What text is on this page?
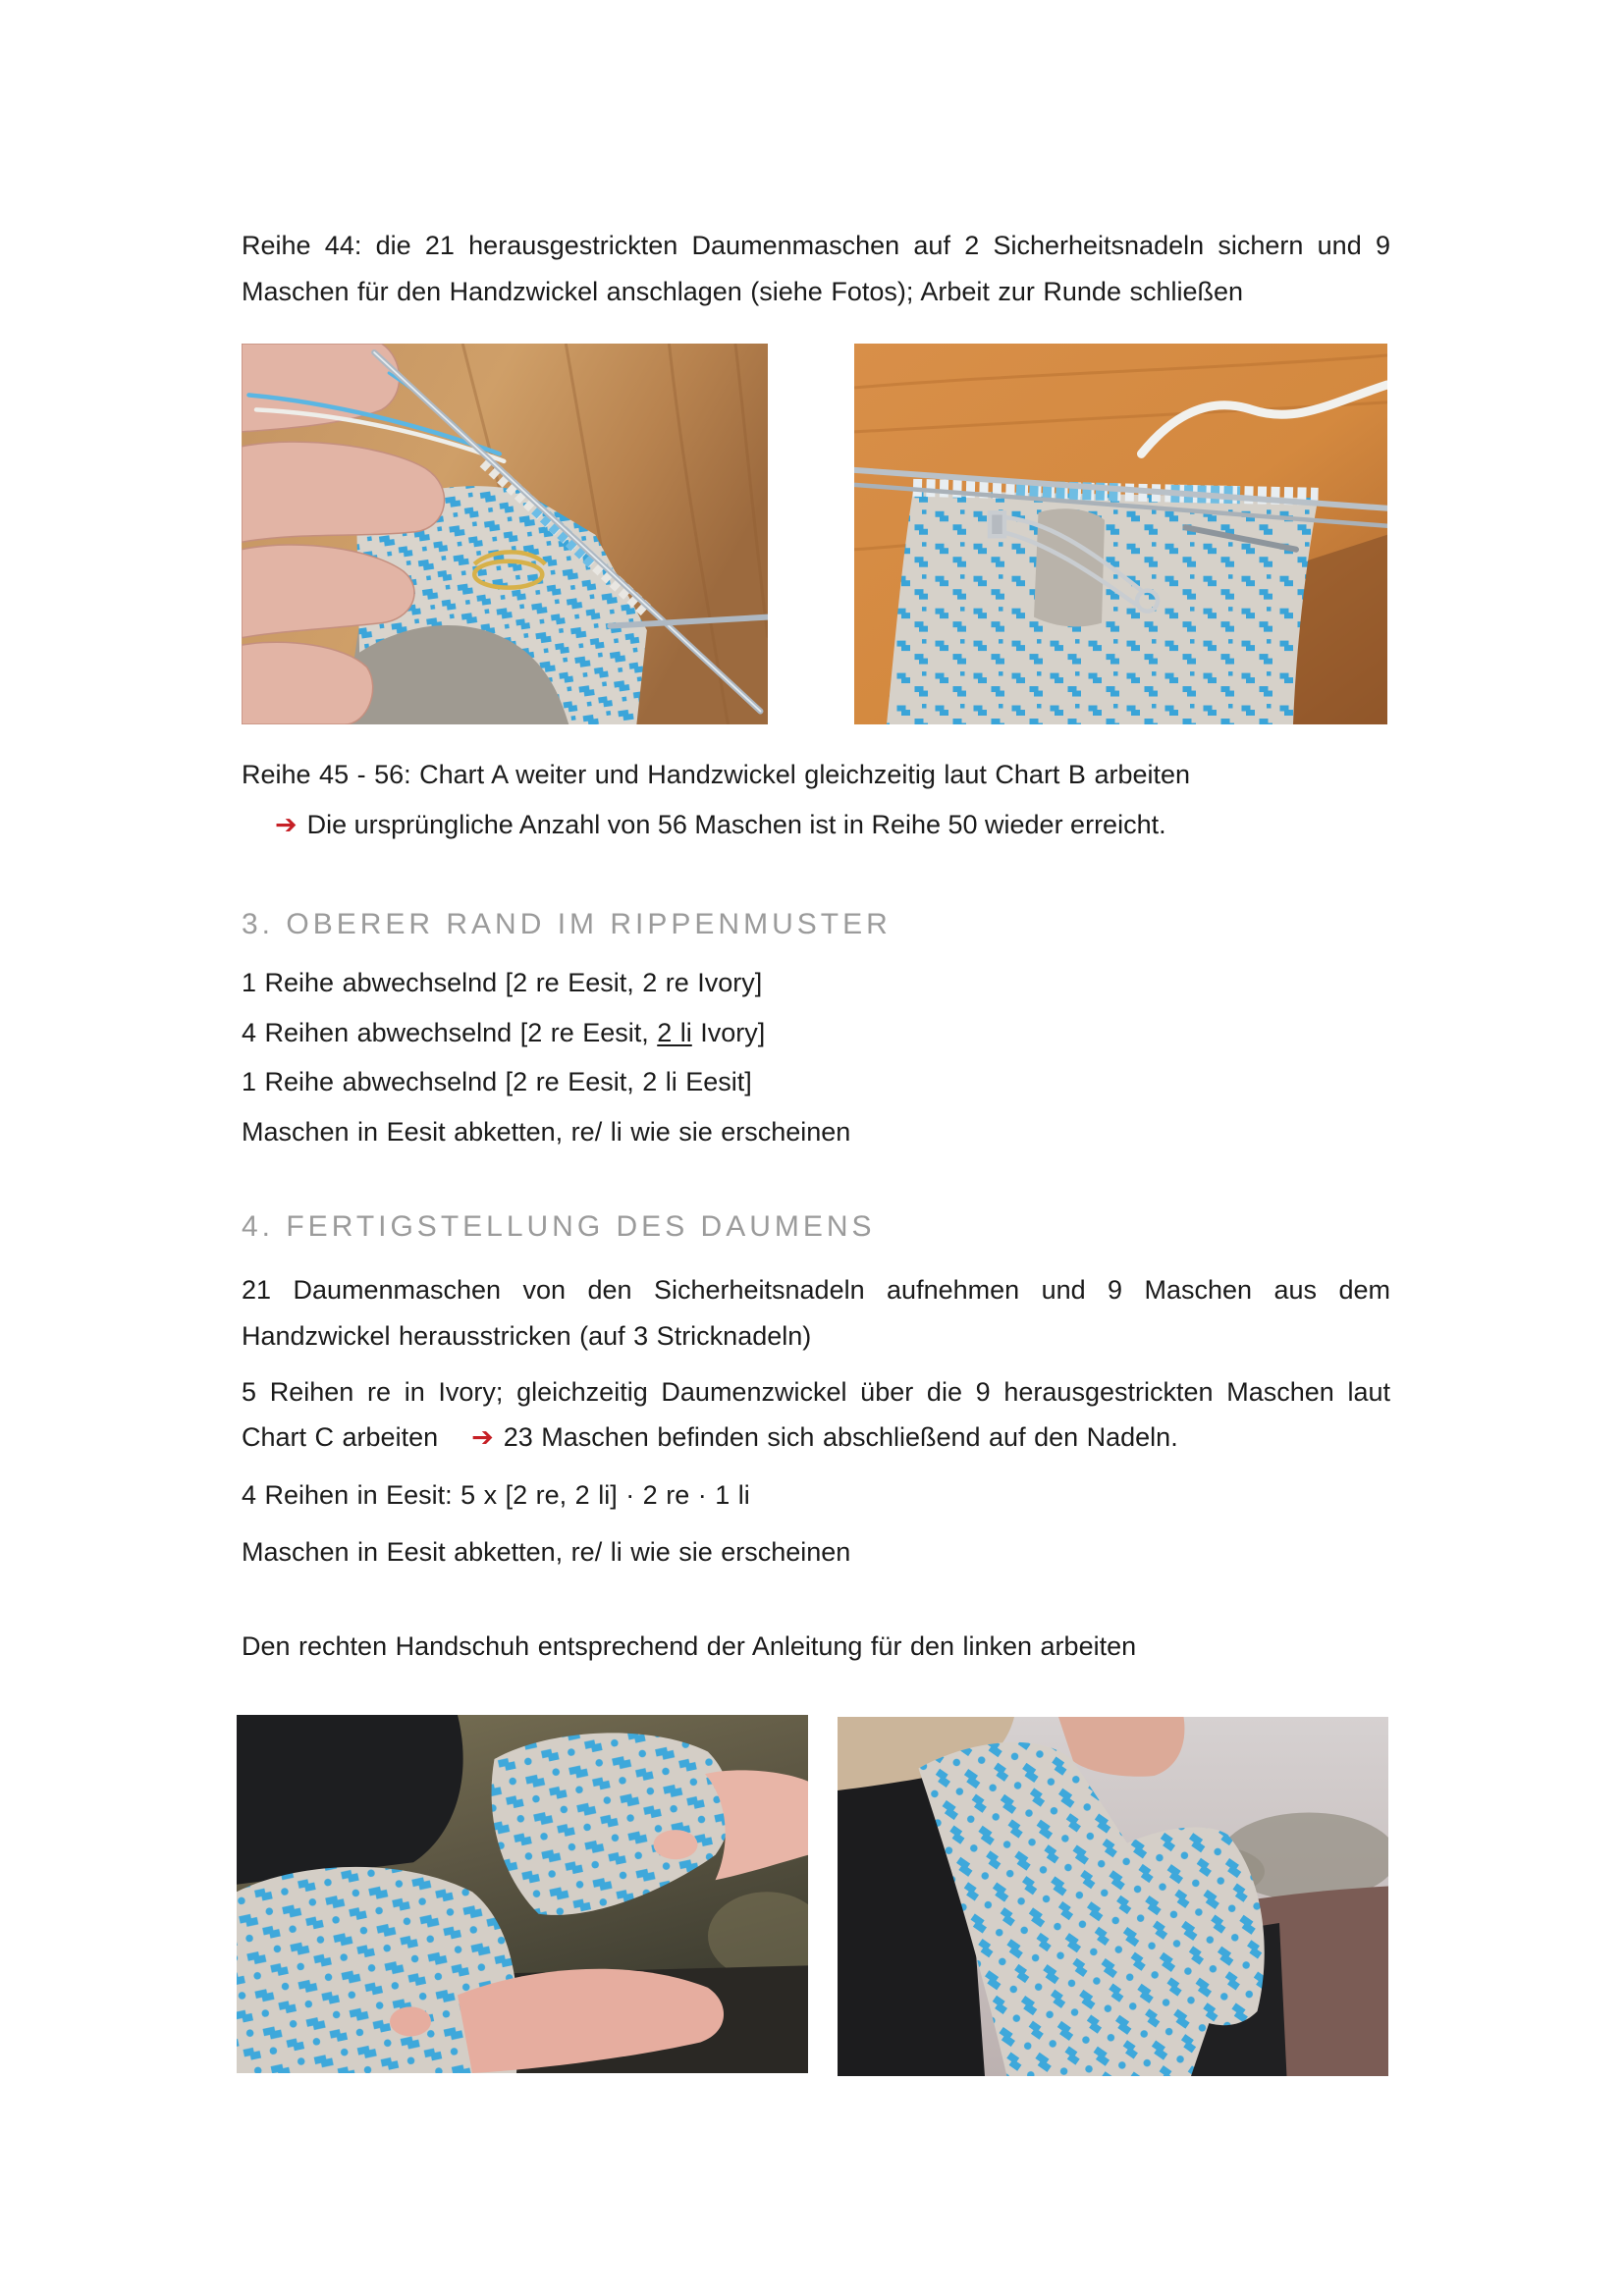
Reihe 44: die 21 herausgestrickten Daumenmaschen auf 2 Sicherheitsnadeln sichern und 9 Maschen für den Handzwickel anschlagen (siehe Fotos); Arbeit zur Runde schließen

Reihe 45 - 56: Chart A weiter und Handzwickel gleichzeitig laut Chart B arbeiten

➔ Die ursprüngliche Anzahl von 56 Maschen ist in Reihe 50 wieder erreicht.

3. OBERER RAND IM RIPPENMUSTER
1 Reihe abwechselnd [2 re Eesit, 2 re Ivory]
4 Reihen abwechselnd [2 re Eesit, 2 li Ivory]
1 Reihe abwechselnd [2 re Eesit, 2 li Eesit]
Maschen in Eesit abketten, re/ li wie sie erscheinen
4. FERTIGSTELLUNG DES DAUMENS

21 Daumenmaschen von den Sicherheitsnadeln aufnehmen und 9 Maschen aus dem Handzwickel herausstricken (auf 3 Stricknadeln)

5 Reihen re in Ivory; gleichzeitig Daumenzwickel über die 9 herausgestrickten Maschen laut Chart C arbeiten ➔ 23 Maschen befinden sich abschließend auf den Nadeln.

4 Reihen in Eesit: 5 x [2 re, 2 li] · 2 re · 1 li
Maschen in Eesit abketten, re/ li wie sie erscheinen

Den rechten Handschuh entsprechend der Anleitung für den linken arbeiten
